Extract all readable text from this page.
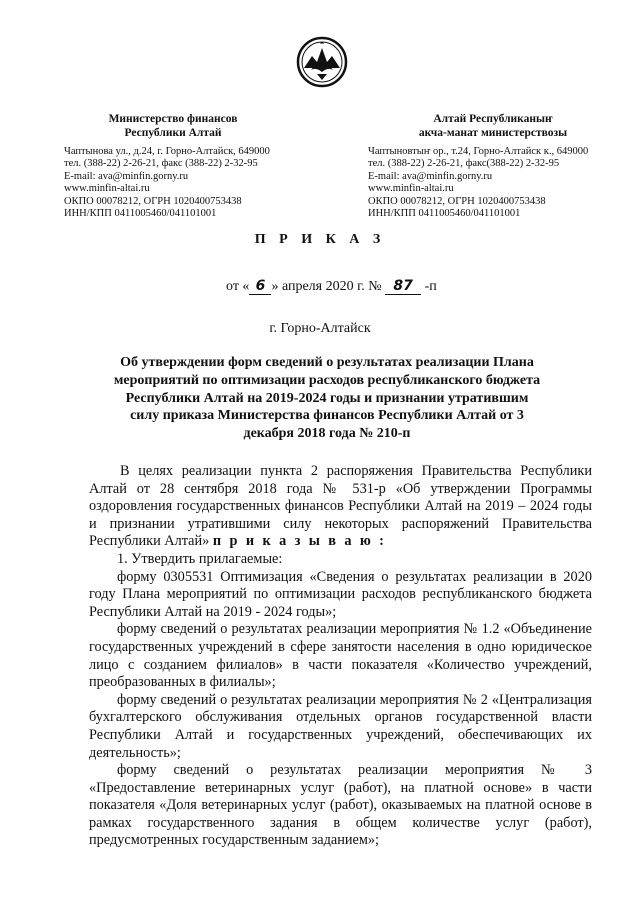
Министерство финансов
Республики Алтай
Чаптынова ул., д.24, г. Горно-Алтайск, 649000
тел. (388-22) 2-26-21, факс (388-22) 2-32-95
E-mail: ava@minfin.gorny.ru
www.minfin-altai.ru
ОКПО 00078212, ОГРН 1020400753438
ИНН/КПП 0411005460/041101001
Алтай Республиканыҥ
акча-манат министерствозы
Чаптыновтыҥ ор., т.24, Горно-Алтайск к., 649000
тел. (388-22) 2-26-21, факс(388-22) 2-32-95
E-mail: ava@minfin.gorny.ru
www.minfin-altai.ru
ОКПО 00078212, ОГРН 1020400753438
ИНН/КПП 0411005460/041101001
П Р И К А З
от « 6 » апреля 2020 г. № 87 -п
г. Горно-Алтайск
Об утверждении форм сведений о результатах реализации Плана мероприятий по оптимизации расходов республиканского бюджета Республики Алтай на 2019-2024 годы и признании утратившим силу приказа Министерства финансов Республики Алтай от 3 декабря 2018 года № 210-п

В целях реализации пункта 2 распоряжения Правительства Республики Алтай от 28 сентября 2018 года № 531-р «Об утверждении Программы оздоровления государственных финансов Республики Алтай на 2019 – 2024 годы и признании утратившими силу некоторых распоряжений Правительства Республики Алтай» п р и к а з ы в а ю :

1. Утвердить прилагаемые:

форму 0305531 Оптимизация «Сведения о результатах реализации в 2020 году Плана мероприятий по оптимизации расходов республиканского бюджета Республики Алтай на 2019 - 2024 годы»;

форму сведений о результатах реализации мероприятия № 1.2 «Объединение государственных учреждений в сфере занятости населения в одно юридическое лицо с созданием филиалов» в части показателя «Количество учреждений, преобразованных в филиалы»;

форму сведений о результатах реализации мероприятия № 2 «Централизация бухгалтерского обслуживания отдельных органов государственной власти Республики Алтай и государственных учреждений, обеспечивающих их деятельность»;

форму сведений о результатах реализации мероприятия № 3 «Предоставление ветеринарных услуг (работ), на платной основе» в части показателя «Доля ветеринарных услуг (работ), оказываемых на платной основе в рамках государственного задания в общем количестве услуг (работ), предусмотренных государственным заданием»;
